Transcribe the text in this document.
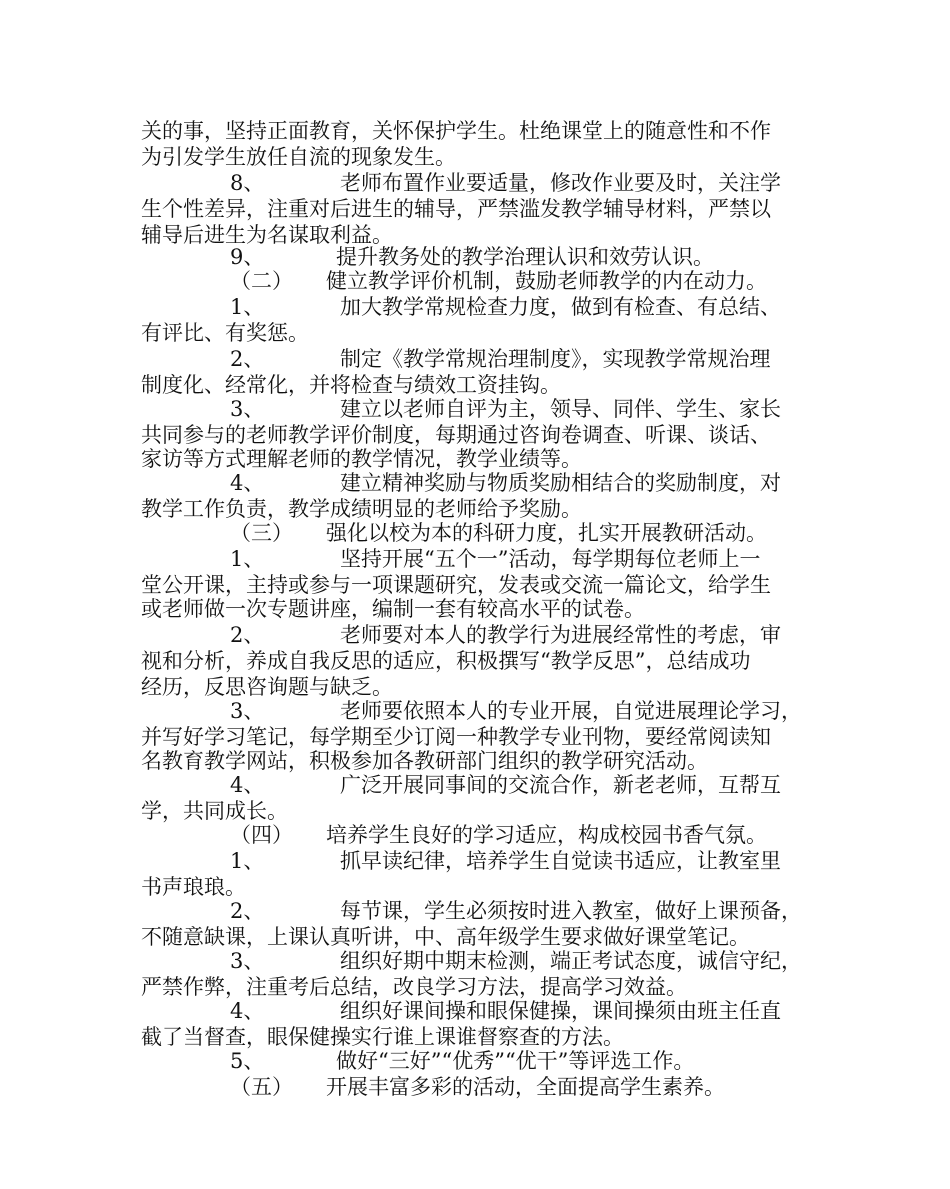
关的事，坚持正面教育，关怀保护学生。杜绝课堂上的随意性和不作
为引发学生放任自流的现象发生。
8、	老师布置作业要适量，修改作业要及时，关注学
生个性差异，注重对后进生的辅导，严禁滥发教学辅导材料，严禁以
辅导后进生为名谋取利益。
9、	提升教务处的教学治理认识和效劳认识。
（二） 健立教学评价机制，鼓励老师教学的内在动力。
1、	加大教学常规检查力度，做到有检查、有总结、
有评比、有奖惩。
2、	制定《教学常规治理制度》，实现教学常规治理
制度化、经常化，并将检查与绩效工资挂钩。
3、	建立以老师自评为主，领导、同伴、学生、家长
共同参与的老师教学评价制度，每期通过咨询卷调查、听课、谈话、
家访等方式理解老师的教学情况，教学业绩等。
4、	建立精神奖励与物质奖励相结合的奖励制度，对
教学工作负责，教学成绩明显的老师给予奖励。
（三） 强化以校为本的科研力度，扎实开展教研活动。
1、	坚持开展“五个一”活动，每学期每位老师上一
堂公开课，主持或参与一项课题研究，发表或交流一篇论文，给学生
或老师做一次专题讲座，编制一套有较高水平的试卷。
2、	老师要对本人的教学行为进展经常性的考虑，审
视和分析，养成自我反思的适应，积极撰写“教学反思”，总结成功
经历，反思咨询题与缺乏。
3、	老师要依照本人的专业开展，自觉进展理论学习，
并写好学习笔记，每学期至少订阅一种教学专业刊物，要经常阅读知
名教育教学网站，积极参加各教研部门组织的教学研究活动。
4、	广泛开展同事间的交流合作，新老老师，互帮互
学，共同成长。
（四） 培养学生良好的学习适应，构成校园书香气氛。
1、	抓早读纪律，培养学生自觉读书适应，让教室里
书声琅琅。
2、	每节课，学生必须按时进入教室，做好上课预备，
不随意缺课，上课认真听讲，中、高年级学生要求做好课堂笔记。
3、	组织好期中期末检测，端正考试态度，诚信守纪，
严禁作弊，注重考后总结，改良学习方法，提高学习效益。
4、	组织好课间操和眼保健操，课间操须由班主任直
截了当督查，眼保健操实行谁上课谁督察查的方法。
5、	做好“三好”“优秀”“优干”等评选工作。
（五） 开展丰富多彩的活动，全面提高学生素养。
